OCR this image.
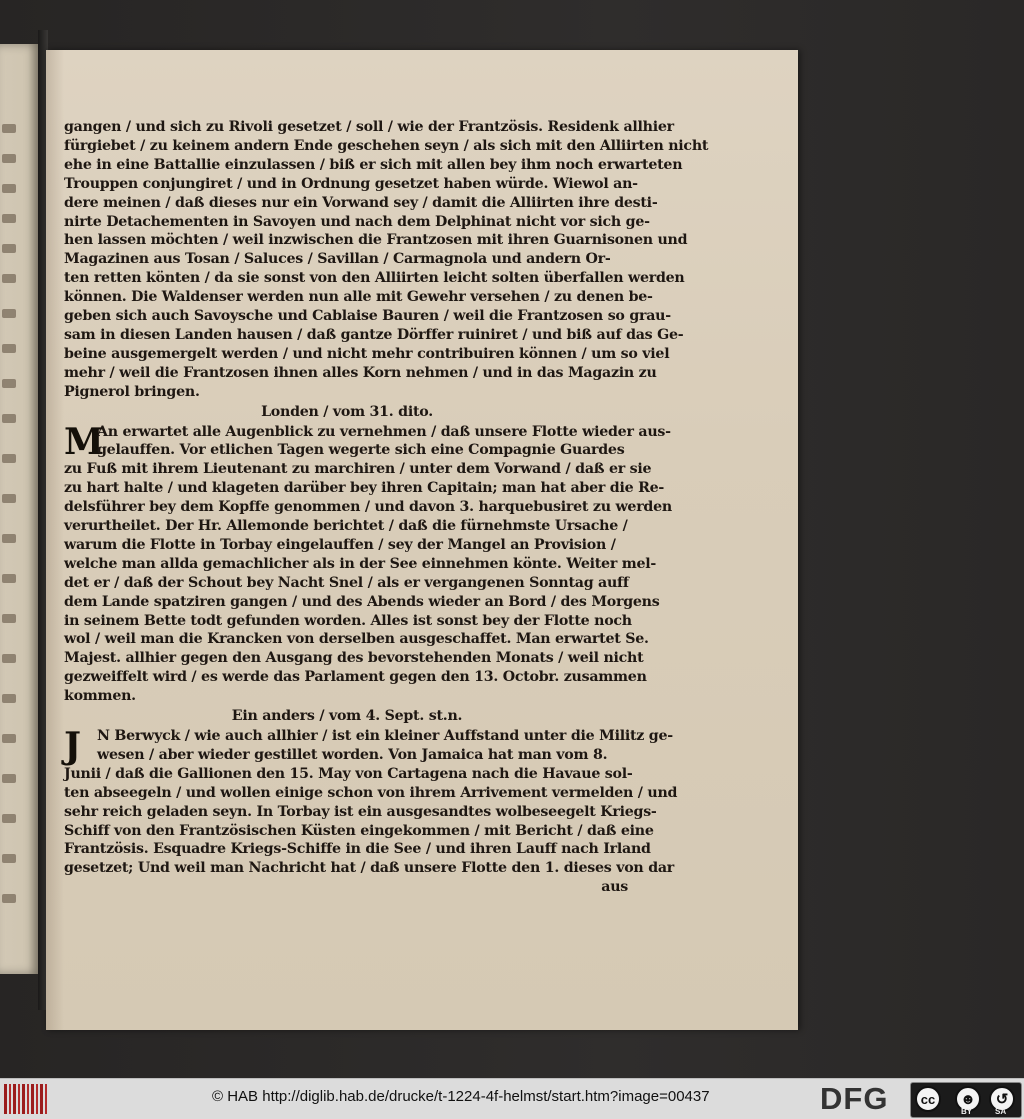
gangen / und sich zu Rivoli gesetzet / soll / wie der Frantzösis. Residenk allhier
fürgiebet / zu keinem andern Ende geschehen seyn / als sich mit den Alliirten nicht
ehe in eine Battallie einzulassen / biß er sich mit allen bey ihm noch erwarteten
Trouppen conjungiret / und in Ordnung gesetzet haben würde. Wiewol an-
dere meinen / daß dieses nur ein Vorwand sey / damit die Alliirten ihre desti-
nirte Detachementen in Savoyen und nach dem Delphinat nicht vor sich ge-
hen lassen möchten / weil inzwischen die Frantzosen mit ihren Guarnisonen und
Magazinen aus Tosan / Saluces / Savillan / Carmagnola und andern Or-
ten retten könten / da sie sonst von den Alliirten leicht solten überfallen werden
können. Die Waldenser werden nun alle mit Gewehr versehen / zu denen be-
geben sich auch Savoysche und Cablaise Bauren / weil die Frantzosen so grau-
sam in diesen Landen hausen / daß gantze Dörffer ruiniret / und biß auf das Ge-
beine ausgemergelt werden / und nicht mehr contribuiren können / um so viel
mehr / weil die Frantzosen ihnen alles Korn nehmen / und in das Magazin zu
Pignerol bringen.
Londen / vom 31. dito.
M
An erwartet alle Augenblick zu vernehmen / daß unsere Flotte wieder aus-
gelauffen. Vor etlichen Tagen wegerte sich eine Compagnie Guardes
zu Fuß mit ihrem Lieutenant zu marchiren / unter dem Vorwand / daß er sie
zu hart halte / und klageten darüber bey ihren Capitain; man hat aber die Re-
delsführer bey dem Kopffe genommen / und davon 3. harquebusiret zu werden
verurtheilet. Der Hr. Allemonde berichtet / daß die fürnehmste Ursache /
warum die Flotte in Torbay eingelauffen / sey der Mangel an Provision /
welche man allda gemachlicher als in der See einnehmen könte. Weiter mel-
det er / daß der Schout bey Nacht Snel / als er vergangenen Sonntag auff
dem Lande spatziren gangen / und des Abends wieder an Bord / des Morgens
in seinem Bette todt gefunden worden. Alles ist sonst bey der Flotte noch
wol / weil man die Krancken von derselben ausgeschaffet. Man erwartet Se.
Majest. allhier gegen den Ausgang des bevorstehenden Monats / weil nicht
gezweiffelt wird / es werde das Parlament gegen den 13. Octobr. zusammen
kommen.
Ein anders / vom 4. Sept. st.n.
J	N Berwyck / wie auch allhier / ist ein kleiner Auffstand unter die Militz ge-
wesen / aber wieder gestillet worden. Von Jamaica hat man vom 8.
Junii / daß die Gallionen den 15. May von Cartagena nach die Havaue sol-
ten abseegeln / und wollen einige schon von ihrem Arrivement vermelden / und
sehr reich geladen seyn. In Torbay ist ein ausgesandtes wolbeseegelt Kriegs-
Schiff von den Frantzösischen Küsten eingekommen / mit Bericht / daß eine
Frantzösis. Esquadre Kriegs-Schiffe in die See / und ihren Lauff nach Irland
gesetzet; Und weil man Nachricht hat / daß unsere Flotte den 1. dieses von dar
aus
© HAB http://diglib.hab.de/drucke/t-1224-4f-helmst/start.htm?image=00437	DFG	cc	☻	↺
BY	SA
